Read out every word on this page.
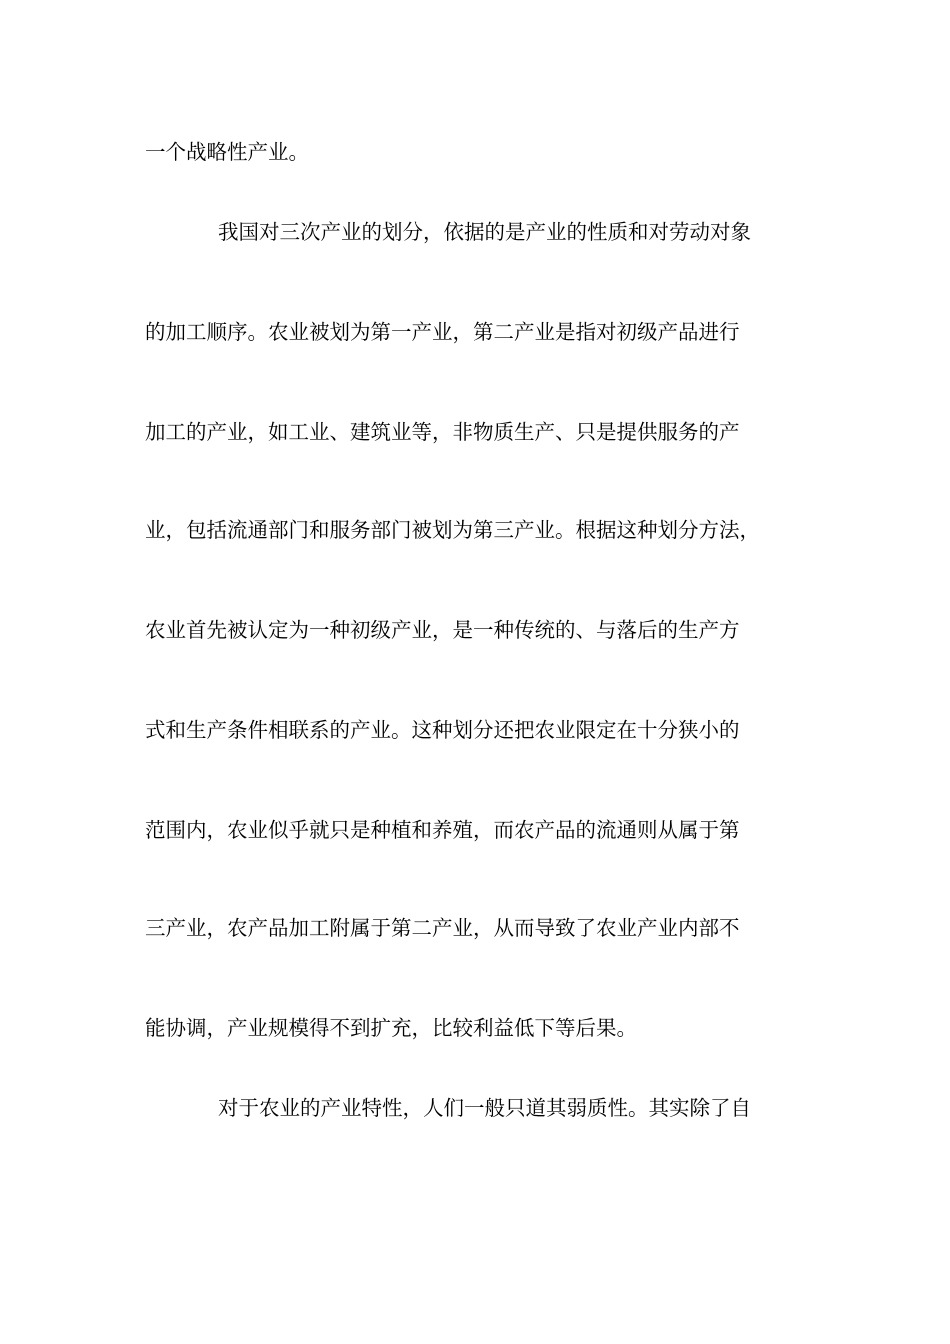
一个战略性产业。
我国对三次产业的划分，依据的是产业的性质和对劳动对象
的加工顺序。农业被划为第一产业，第二产业是指对初级产品进行
加工的产业，如工业、建筑业等，非物质生产、只是提供服务的产
业，包括流通部门和服务部门被划为第三产业。根据这种划分方法，
农业首先被认定为一种初级产业，是一种传统的、与落后的生产方
式和生产条件相联系的产业。这种划分还把农业限定在十分狭小的
范围内，农业似乎就只是种植和养殖，而农产品的流通则从属于第
三产业，农产品加工附属于第二产业，从而导致了农业产业内部不
能协调，产业规模得不到扩充，比较利益低下等后果。
对于农业的产业特性，人们一般只道其弱质性。其实除了自
